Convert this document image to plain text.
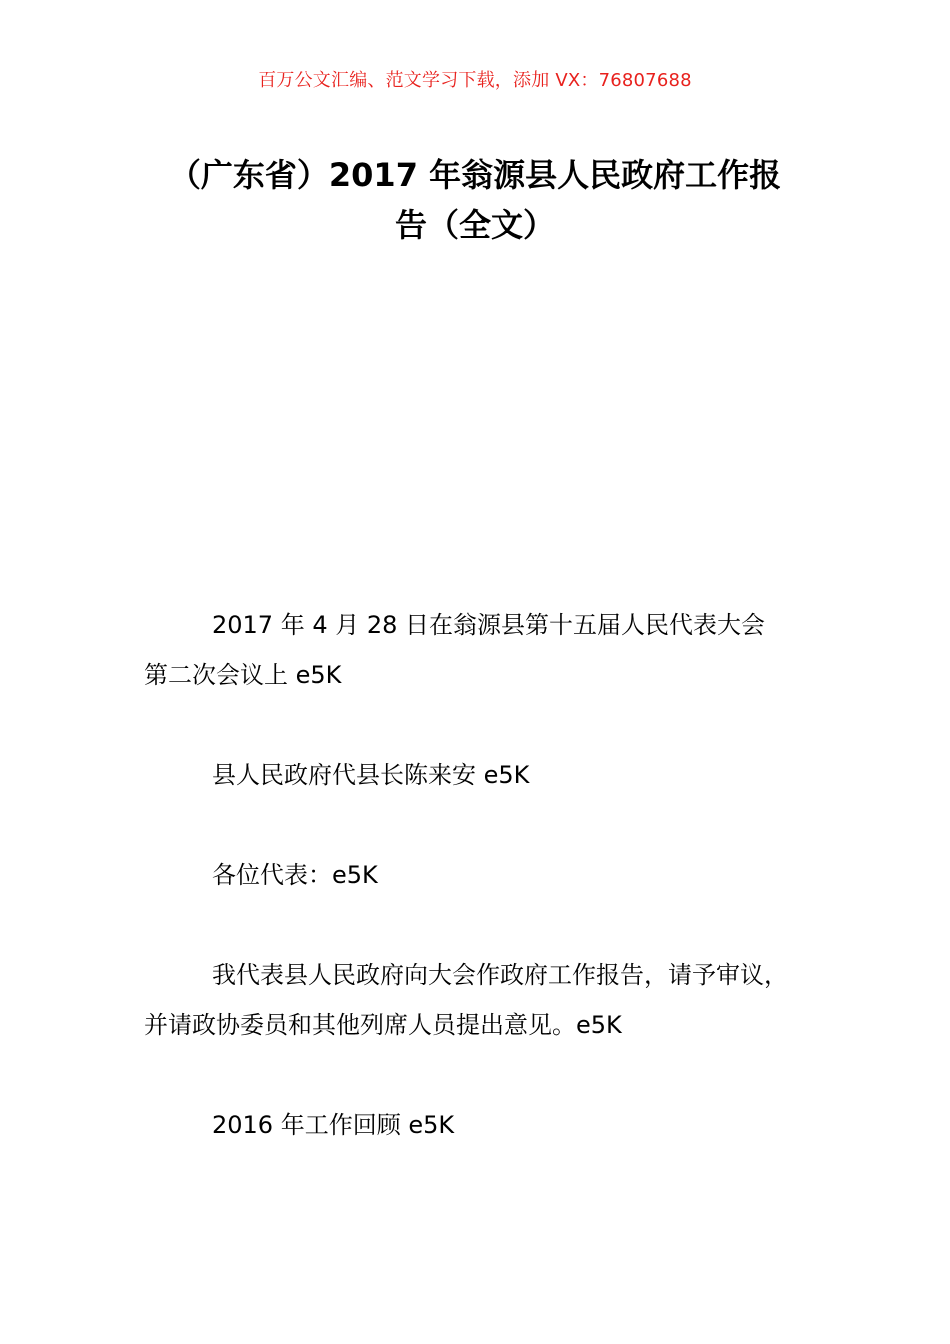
百万公文汇编、范文学习下载，添加 VX：76807688
（广东省）2017 年翁源县人民政府工作报
告（全文）

2017 年 4 月 28 日在翁源县第十五届人民代表大会
第二次会议上 e5K

县人民政府代县长陈来安 e5K

各位代表：e5K

我代表县人民政府向大会作政府工作报告，请予审议，
并请政协委员和其他列席人员提出意见。e5K

2016 年工作回顾 e5K
